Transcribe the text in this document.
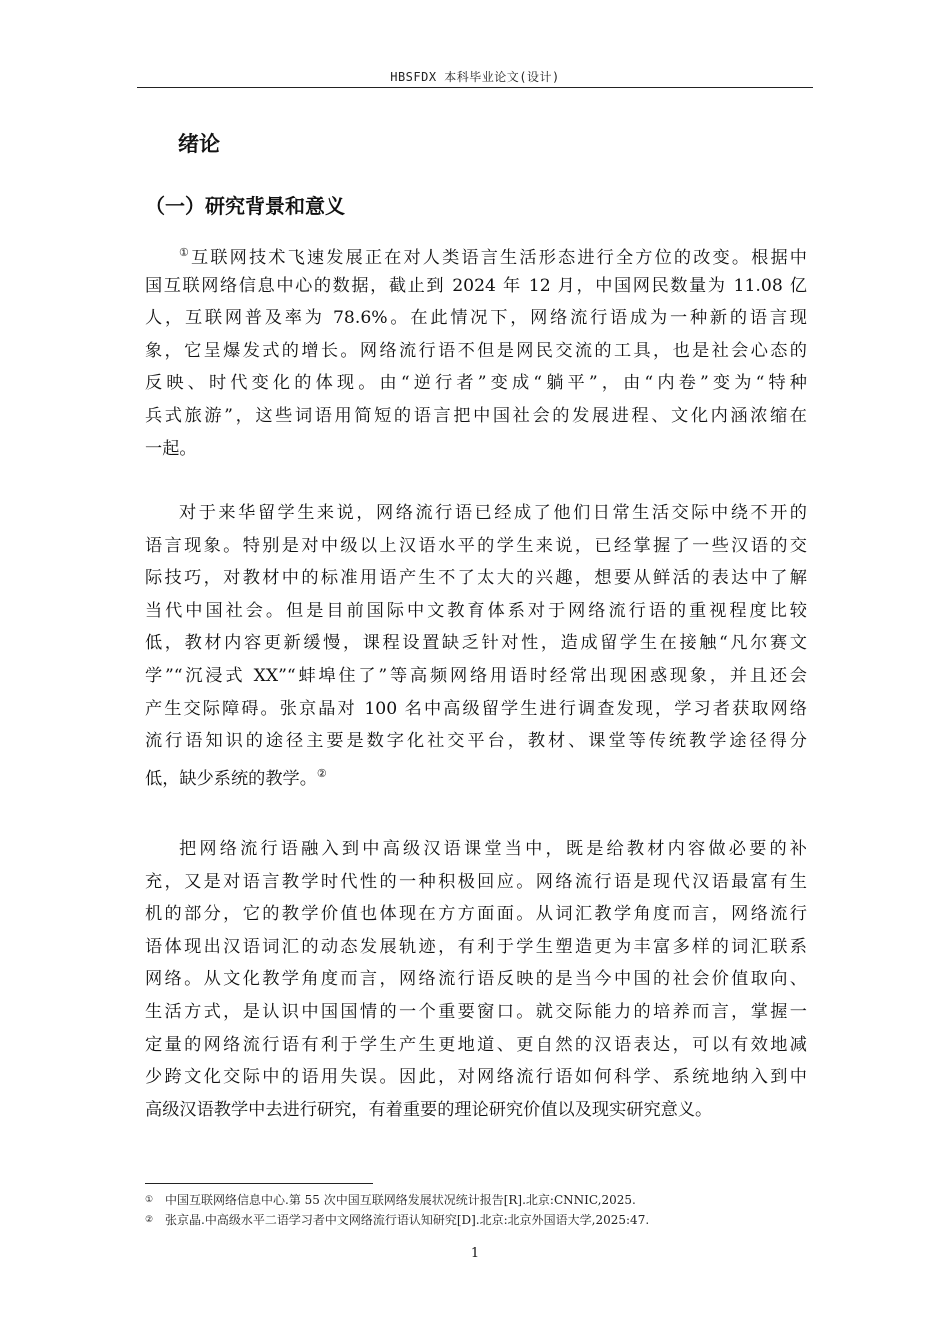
HBSFDX 本科毕业论文(设计)
绪论
（一）研究背景和意义
①互联网技术飞速发展正在对人类语言生活形态进行全方位的改变。根据中
国互联网络信息中心的数据，截止到 2024 年 12 月，中国网民数量为 11.08 亿
人，互联网普及率为 78.6%。在此情况下，网络流行语成为一种新的语言现
象，它呈爆发式的增长。网络流行语不但是网民交流的工具，也是社会心态的
反映、时代变化的体现。由“逆行者”变成“躺平”，由“内卷”变为“特种
兵式旅游”，这些词语用简短的语言把中国社会的发展进程、文化内涵浓缩在
一起。
对于来华留学生来说，网络流行语已经成了他们日常生活交际中绕不开的
语言现象。特别是对中级以上汉语水平的学生来说，已经掌握了一些汉语的交
际技巧，对教材中的标准用语产生不了太大的兴趣，想要从鲜活的表达中了解
当代中国社会。但是目前国际中文教育体系对于网络流行语的重视程度比较
低，教材内容更新缓慢，课程设置缺乏针对性，造成留学生在接触“凡尔赛文
学”“沉浸式 XX”“蚌埠住了”等高频网络用语时经常出现困惑现象，并且还会
产生交际障碍。张京晶对 100 名中高级留学生进行调查发现，学习者获取网络
流行语知识的途径主要是数字化社交平台，教材、课堂等传统教学途径得分
低，缺少系统的教学。②
把网络流行语融入到中高级汉语课堂当中，既是给教材内容做必要的补
充，又是对语言教学时代性的一种积极回应。网络流行语是现代汉语最富有生
机的部分，它的教学价值也体现在方方面面。从词汇教学角度而言，网络流行
语体现出汉语词汇的动态发展轨迹，有利于学生塑造更为丰富多样的词汇联系
网络。从文化教学角度而言，网络流行语反映的是当今中国的社会价值取向、
生活方式，是认识中国国情的一个重要窗口。就交际能力的培养而言，掌握一
定量的网络流行语有利于学生产生更地道、更自然的汉语表达，可以有效地减
少跨文化交际中的语用失误。因此，对网络流行语如何科学、系统地纳入到中
高级汉语教学中去进行研究，有着重要的理论研究价值以及现实研究意义。
① 中国互联网络信息中心.第 55 次中国互联网络发展状况统计报告[R].北京:CNNIC,2025.
② 张京晶.中高级水平二语学习者中文网络流行语认知研究[D].北京:北京外国语大学,2025:47.
1
